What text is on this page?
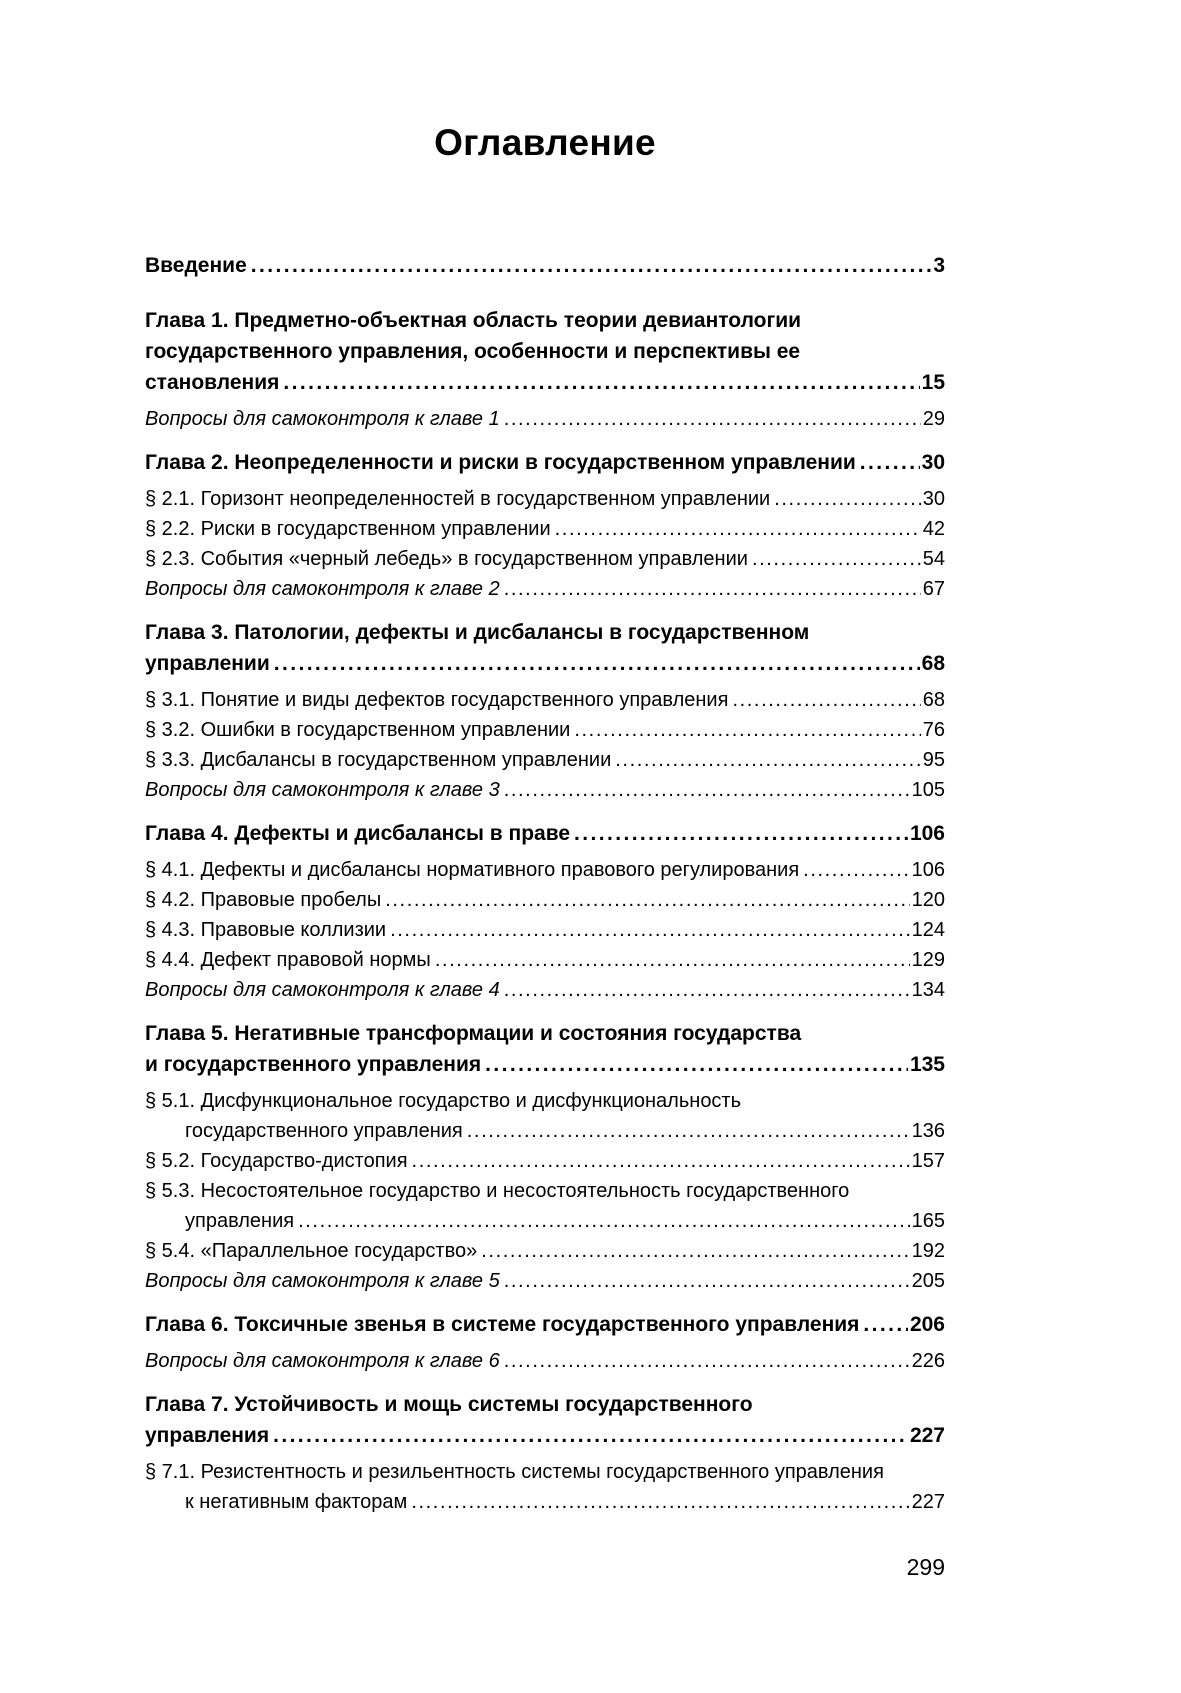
Оглавление
Введение .....	3
Глава 1. Предметно-объектная область теории девиантологии
государственного управления, особенности и перспективы ее
становления .....	15
Вопросы для самоконтроля к главе 1 .....	29
Глава 2. Неопределенности и риски в государственном управлении .....	30
§ 2.1. Горизонт неопределенностей в государственном управлении .....	30
§ 2.2. Риски в государственном управлении .....	42
§ 2.3. События «черный лебедь» в государственном управлении .....	54
Вопросы для самоконтроля к главе 2 .....	67
Глава 3. Патологии, дефекты и дисбалансы в государственном
управлении .....	68
§ 3.1. Понятие и виды дефектов государственного управления .....	68
§ 3.2. Ошибки в государственном управлении .....	76
§ 3.3. Дисбалансы в государственном управлении .....	95
Вопросы для самоконтроля к главе 3 .....	105
Глава 4. Дефекты и дисбалансы в праве .....	106
§ 4.1. Дефекты и дисбалансы нормативного правового регулирования .....	106
§ 4.2. Правовые пробелы .....	120
§ 4.3. Правовые коллизии .....	124
§ 4.4. Дефект правовой нормы .....	129
Вопросы для самоконтроля к главе 4 .....	134
Глава 5. Негативные трансформации и состояния государства
и государственного управления .....	135
§ 5.1. Дисфункциональное государство и дисфункциональность
государственного управления .....	136
§ 5.2. Государство-дистопия .....	157
§ 5.3. Несостоятельное государство и несостоятельность государственного
управления .....	165
§ 5.4. «Параллельное государство» .....	192
Вопросы для самоконтроля к главе 5 .....	205
Глава 6. Токсичные звенья в системе государственного управления ..... 206
Вопросы для самоконтроля к главе 6 .....	226
Глава 7. Устойчивость и мощь системы государственного
управления .....	227
§ 7.1. Резистентность и резильентность системы государственного управления
к негативным факторам .....	227
299
